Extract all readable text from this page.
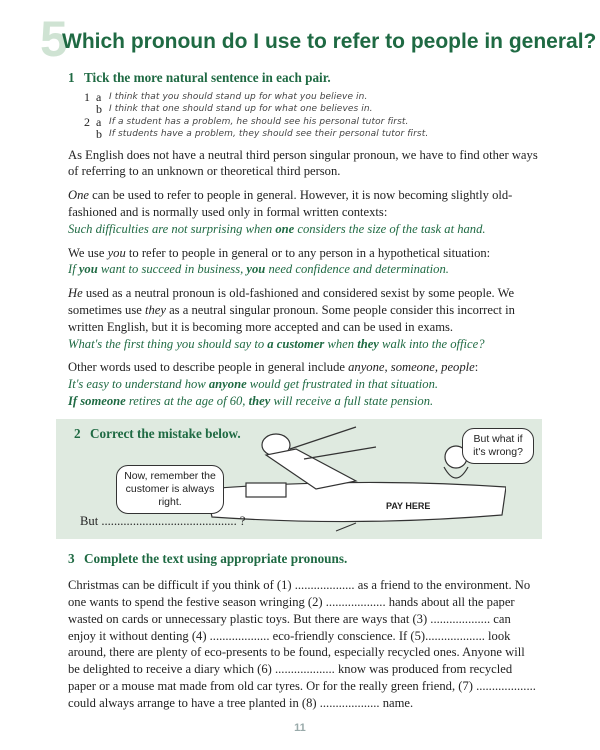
5
Which pronoun do I use to refer to people in general?
1 Tick the more natural sentence in each pair.
1 a I think that you should stand up for what you believe in.
b I think that one should stand up for what one believes in.
2 a If a student has a problem, he should see his personal tutor first.
b If students have a problem, they should see their personal tutor first.

As English does not have a neutral third person singular pronoun, we have to find other ways of referring to an unknown or theoretical third person.

One can be used to refer to people in general. However, it is now becoming slightly old-fashioned and is normally used only in formal written contexts:
Such difficulties are not surprising when one considers the size of the task at hand.

We use you to refer to people in general or to any person in a hypothetical situation:
If you want to succeed in business, you need confidence and determination.

He used as a neutral pronoun is old-fashioned and considered sexist by some people. We sometimes use they as a neutral singular pronoun. Some people consider this incorrect in written English, but it is becoming more accepted and can be used in exams.
What's the first thing you should say to a customer when they walk into the office?

Other words used to describe people in general include anyone, someone, people:
It's easy to understand how anyone would get frustrated in that situation.
If someone retires at the age of 60, they will receive a full state pension.

2 Correct the mistake below.
PAY HERE
Now, remember the customer is always right.
But what if it's wrong?
But ........................................... ?
3 Complete the text using appropriate pronouns.

Christmas can be difficult if you think of (1) ................... as a friend to the environment. No one wants to spend the festive season wringing (2) ................... hands about all the paper wasted on cards or unnecessary plastic toys. But there are ways that (3) ................... can enjoy it without denting (4) ................... eco-friendly conscience. If (5)................... look around, there are plenty of eco-presents to be found, especially recycled ones. Anyone will be delighted to receive a diary which (6) ................... know was produced from recycled paper or a mouse mat made from old car tyres. Or for the really green friend, (7) ................... could always arrange to have a tree planted in (8) ................... name.

11
